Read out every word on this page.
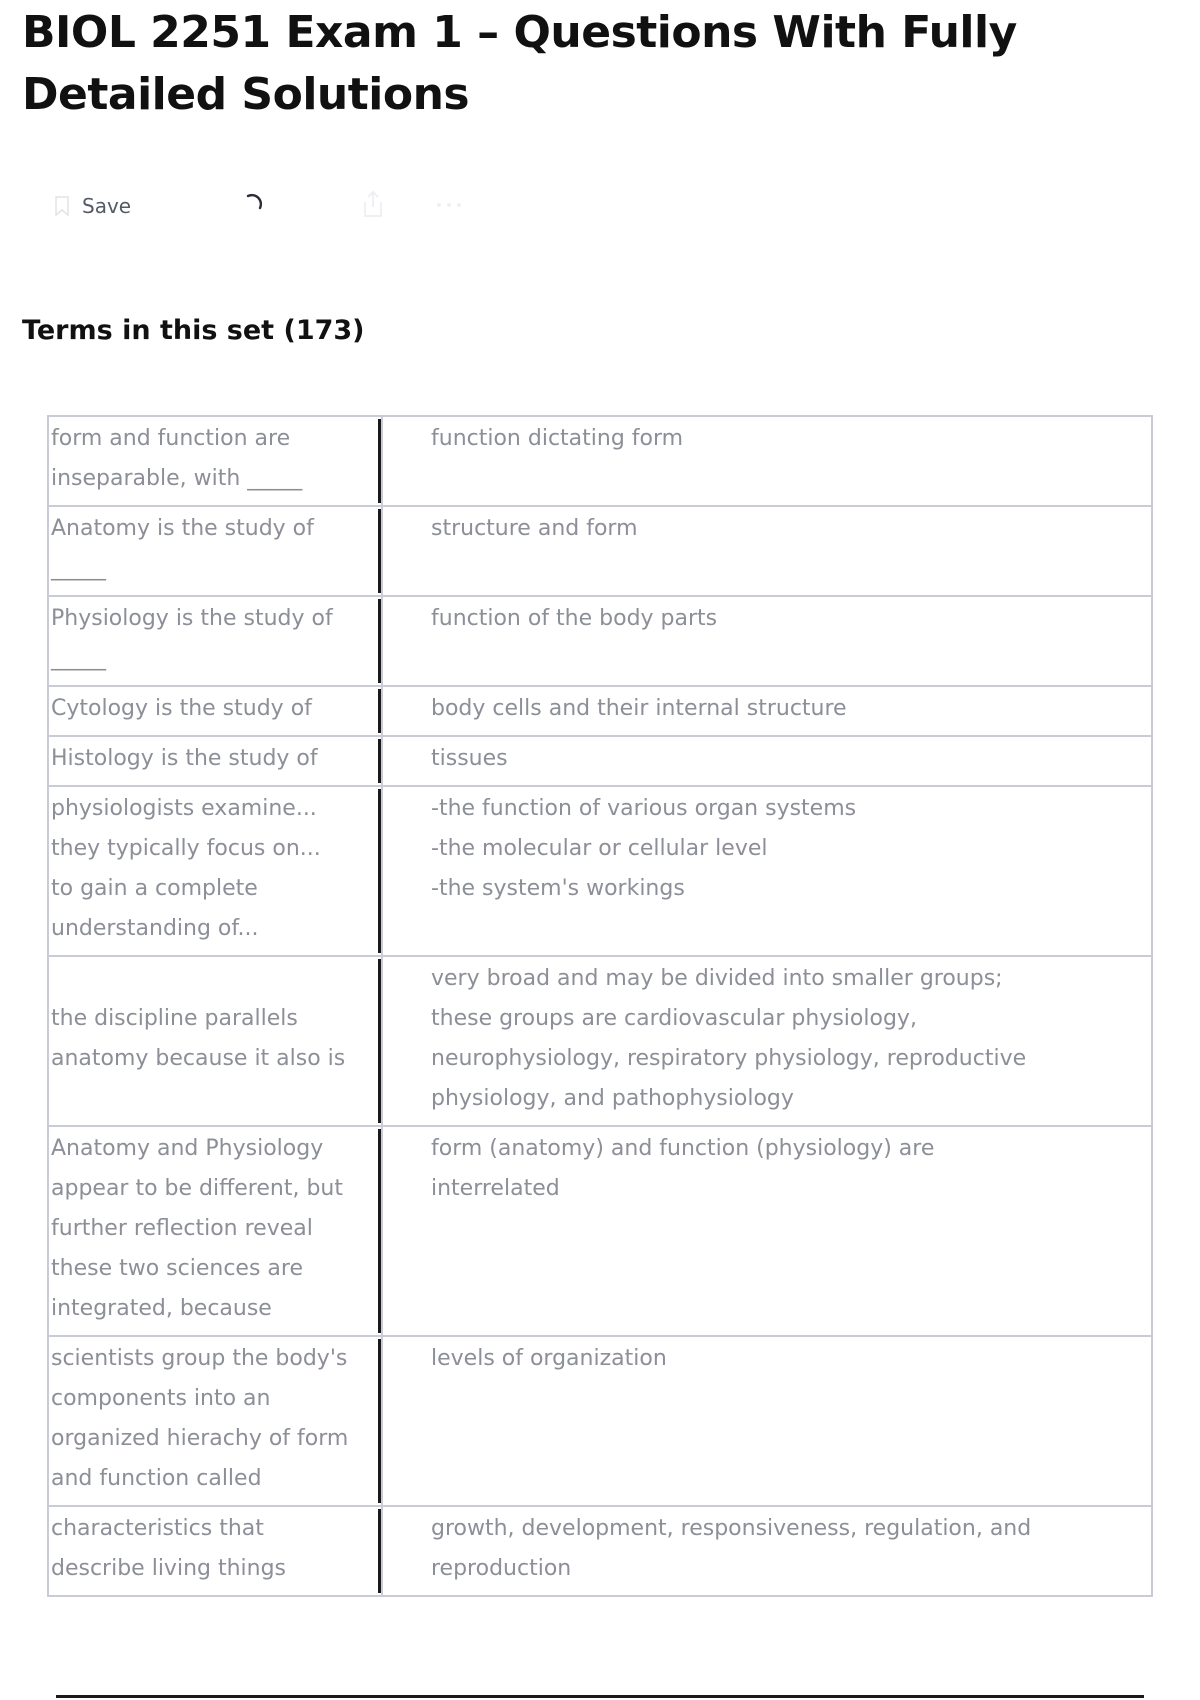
BIOL 2251 Exam 1 – Questions With Fully Detailed Solutions
Save
Terms in this set (173)
form and function are
inseparable, with _____	function dictating form

Anatomy is the study of
_____	structure and form

Physiology is the study of
_____	function of the body parts

Cytology is the study of	body cells and their internal structure

Histology is the study of	tissues

physiologists examine...
they typically focus on...
to gain a complete
understanding of...	-the function of various organ systems
-the molecular or cellular level
-the system's workings

the discipline parallels
anatomy because it also is	very broad and may be divided into smaller groups;
these groups are cardiovascular physiology,
neurophysiology, respiratory physiology, reproductive
physiology, and pathophysiology

Anatomy and Physiology
appear to be different, but
further reflection reveal
these two sciences are
integrated, because	form (anatomy) and function (physiology) are
interrelated

scientists group the body's
components into an
organized hierachy of form
and function called	levels of organization

characteristics that
describe living things	growth, development, responsiveness, regulation, and
reproduction
